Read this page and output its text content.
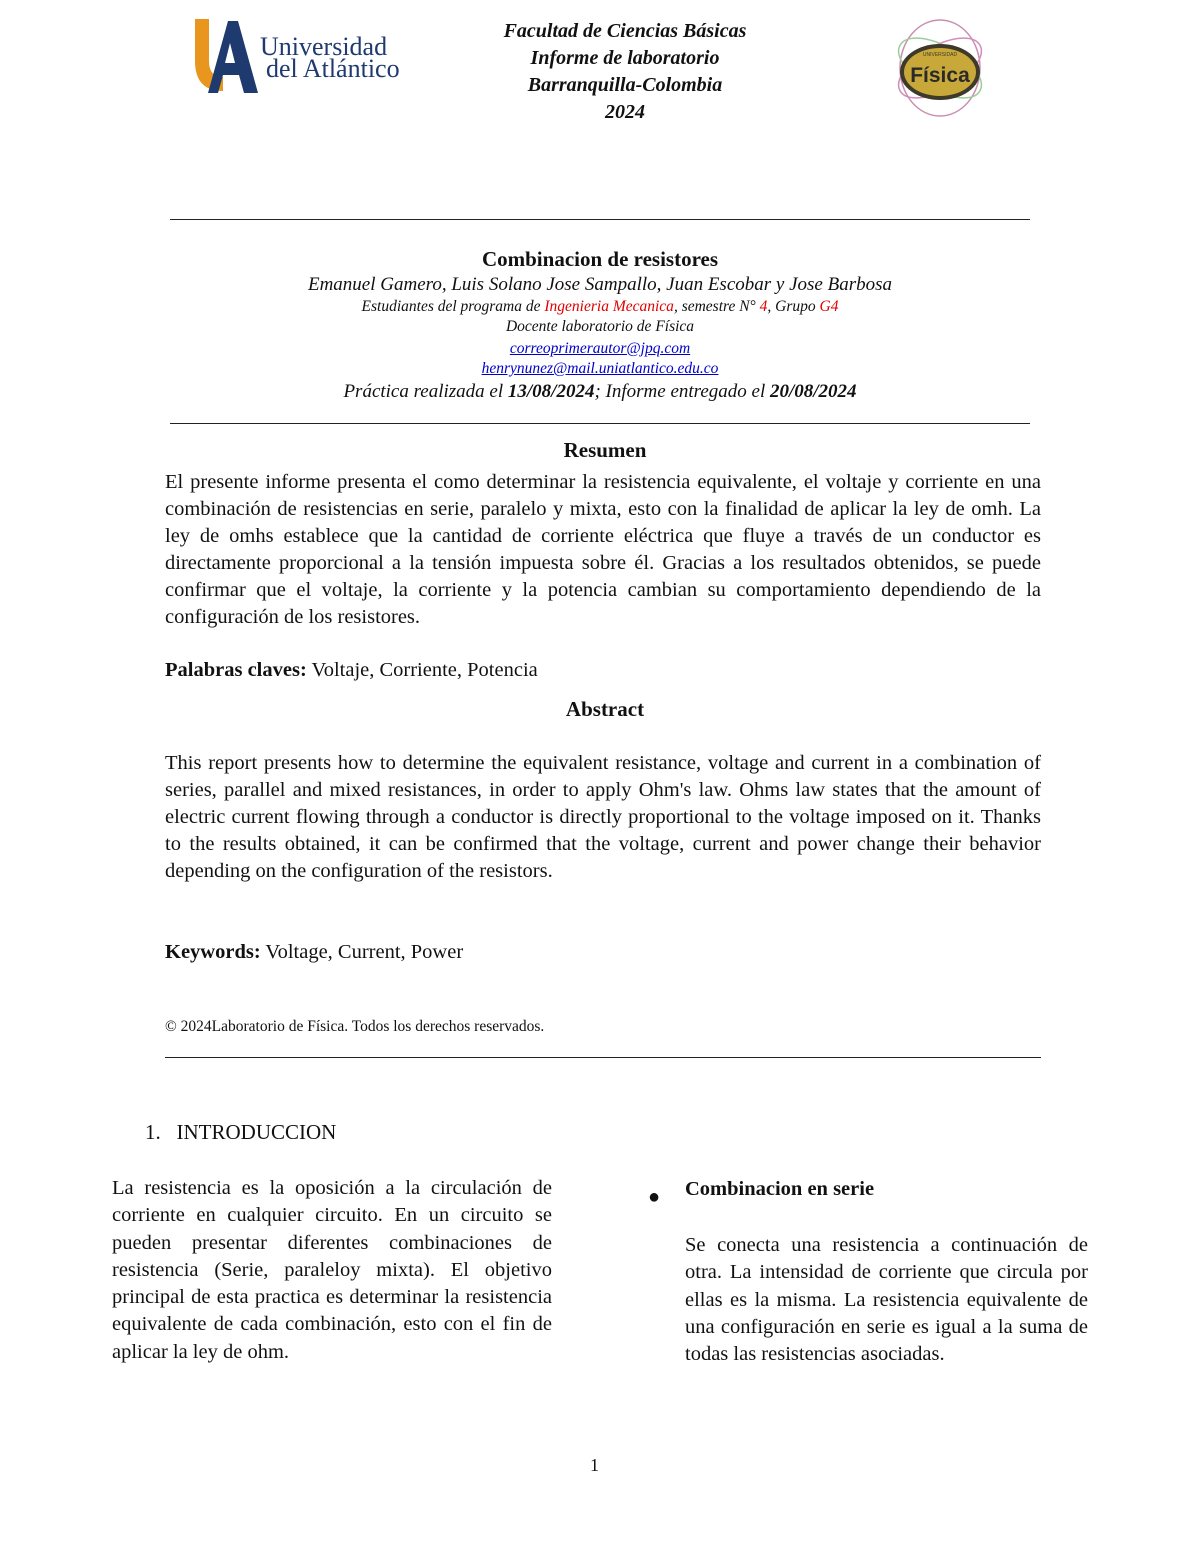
Universidad
del Atlántico
Facultad de Ciencias Básicas
Informe de laboratorio
Barranquilla-Colombia
2024
UNIVERSIDAD
Física
Combinacion de resistores
Emanuel Gamero, Luis Solano Jose Sampallo, Juan Escobar y Jose Barbosa
Estudiantes del programa de Ingenieria Mecanica, semestre N° 4, Grupo G4
Docente laboratorio de Física
correoprimerautor@jpq.com
henrynunez@mail.uniatlantico.edu.co
Práctica realizada el 13/08/2024; Informe entregado el 20/08/2024
Resumen
El presente informe presenta el como determinar la resistencia equivalente, el voltaje y corriente en una combinación de resistencias en serie, paralelo y mixta, esto con la finalidad de aplicar la ley de omh. La ley de omhs establece que la cantidad de corriente eléctrica que fluye a través de un conductor es directamente proporcional a la tensión impuesta sobre él. Gracias a los resultados obtenidos, se puede confirmar que el voltaje, la corriente y la potencia cambian su comportamiento dependiendo de la configuración de los resistores.
Palabras claves: Voltaje, Corriente, Potencia
Abstract
This report presents how to determine the equivalent resistance, voltage and current in a combination of series, parallel and mixed resistances, in order to apply Ohm's law. Ohms law states that the amount of electric current flowing through a conductor is directly proportional to the voltage imposed on it. Thanks to the results obtained, it can be confirmed that the voltage, current and power change their behavior depending on the configuration of the resistors.
Keywords: Voltage, Current, Power
© 2024Laboratorio de Física. Todos los derechos reservados.
1.   INTRODUCCION
La resistencia es la oposición a la circulación de corriente en cualquier circuito. En un circuito se pueden presentar diferentes combinaciones de resistencia (Serie, paraleloy mixta). El objetivo principal de esta practica es determinar la resistencia equivalente de cada combinación, esto con el fin de aplicar la ley de ohm.
● Combinacion en serie
Se conecta una resistencia a continuación de otra. La intensidad de corriente que circula por ellas es la misma. La resistencia equivalente de una configuración en serie es igual a la suma de todas las resistencias asociadas.
1
